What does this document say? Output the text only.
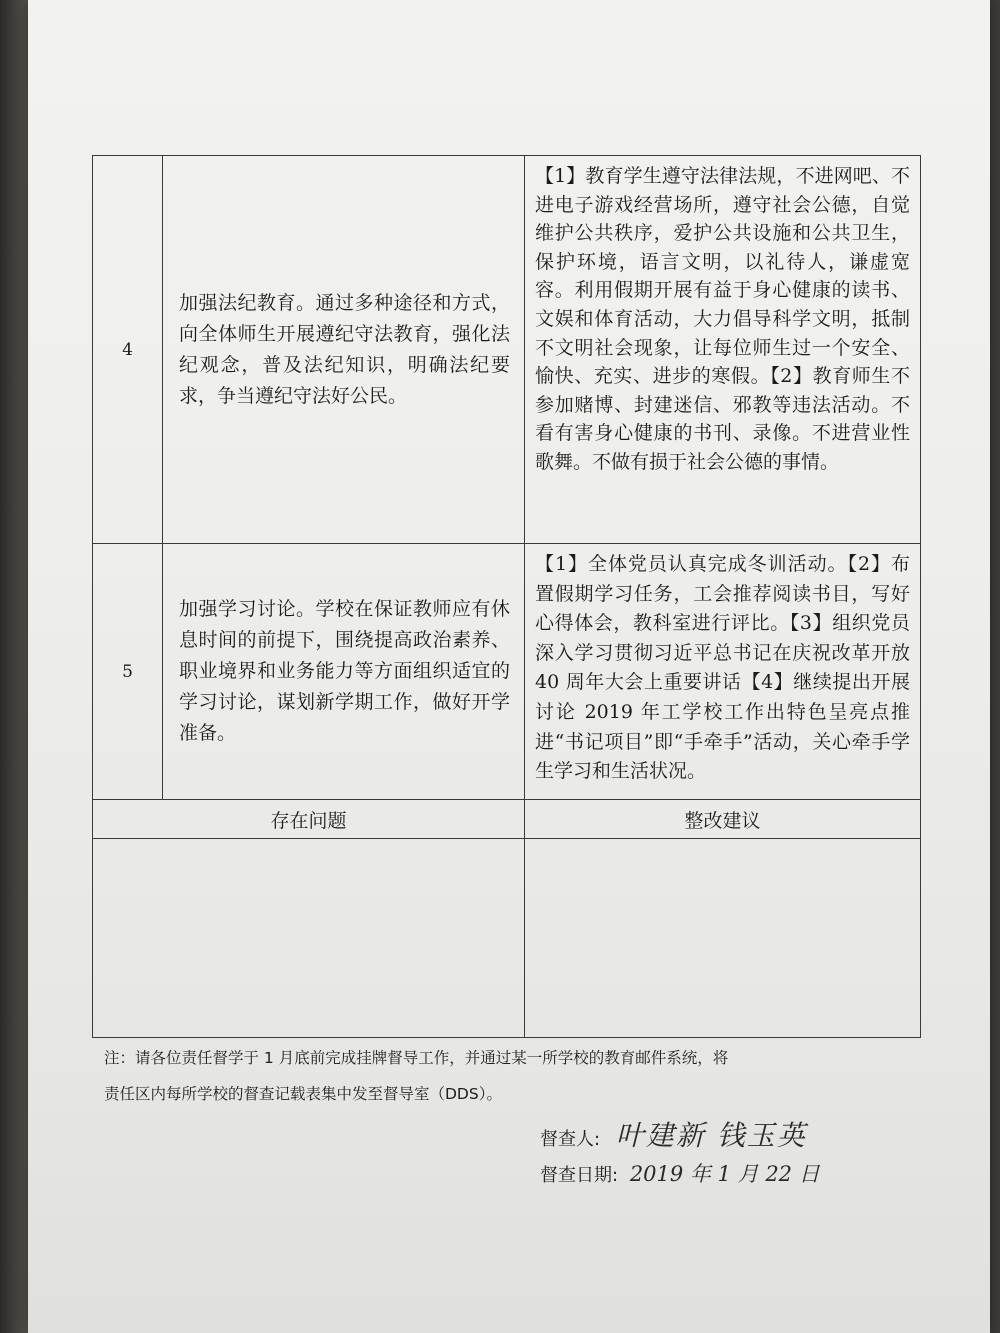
4	加强法纪教育。通过多种途径和方式，向全体师生开展遵纪守法教育，强化法纪观念，普及法纪知识，明确法纪要求，争当遵纪守法好公民。	【1】教育学生遵守法律法规，不进网吧、不进电子游戏经营场所，遵守社会公德，自觉维护公共秩序，爱护公共设施和公共卫生，保护环境，语言文明，以礼待人，谦虚宽容。利用假期开展有益于身心健康的读书、文娱和体育活动，大力倡导科学文明，抵制不文明社会现象，让每位师生过一个安全、愉快、充实、进步的寒假。【2】教育师生不参加赌博、封建迷信、邪教等违法活动。不看有害身心健康的书刊、录像。不进营业性歌舞。不做有损于社会公德的事情。
5	加强学习讨论。学校在保证教师应有休息时间的前提下，围绕提高政治素养、职业境界和业务能力等方面组织适宜的学习讨论，谋划新学期工作，做好开学准备。	【1】全体党员认真完成冬训活动。【2】布置假期学习任务，工会推荐阅读书目，写好心得体会，教科室进行评比。【3】组织党员深入学习贯彻习近平总书记在庆祝改革开放 40 周年大会上重要讲话【4】继续提出开展讨论 2019 年工学校工作出特色呈亮点推进“书记项目”即“手牵手”活动，关心牵手学生学习和生活状况。
存在问题		整改建议

注：请各位责任督学于 1 月底前完成挂牌督导工作，并通过某一所学校的教育邮件系统，将
责任区内每所学校的督查记载表集中发至督导室（DDS）。
督查人: 叶建新 钱玉英
督查日期: 2019 年 1 月 22 日
